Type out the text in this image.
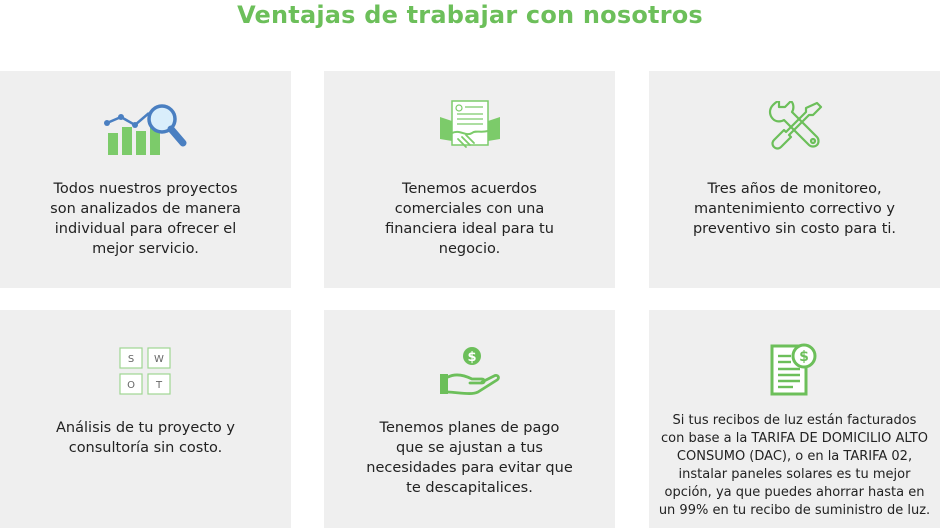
Ventajas de trabajar con nosotros
Todos nuestros proyectos
son analizados de manera
individual para ofrecer el
mejor servicio.
Tenemos acuerdos
comerciales con una
financiera ideal para tu
negocio.
Tres años de monitoreo,
mantenimiento correctivo y
preventivo sin costo para ti.
S W
O T
Análisis de tu proyecto y
consultoría sin costo.
$
Tenemos planes de pago
que se ajustan a tus
necesidades para evitar que
te descapitalices.
$
Si tus recibos de luz están facturados
con base a la TARIFA DE DOMICILIO ALTO
CONSUMO (DAC), o en la TARIFA 02,
instalar paneles solares es tu mejor
opción, ya que puedes ahorrar hasta en
un 99% en tu recibo de suministro de luz.
